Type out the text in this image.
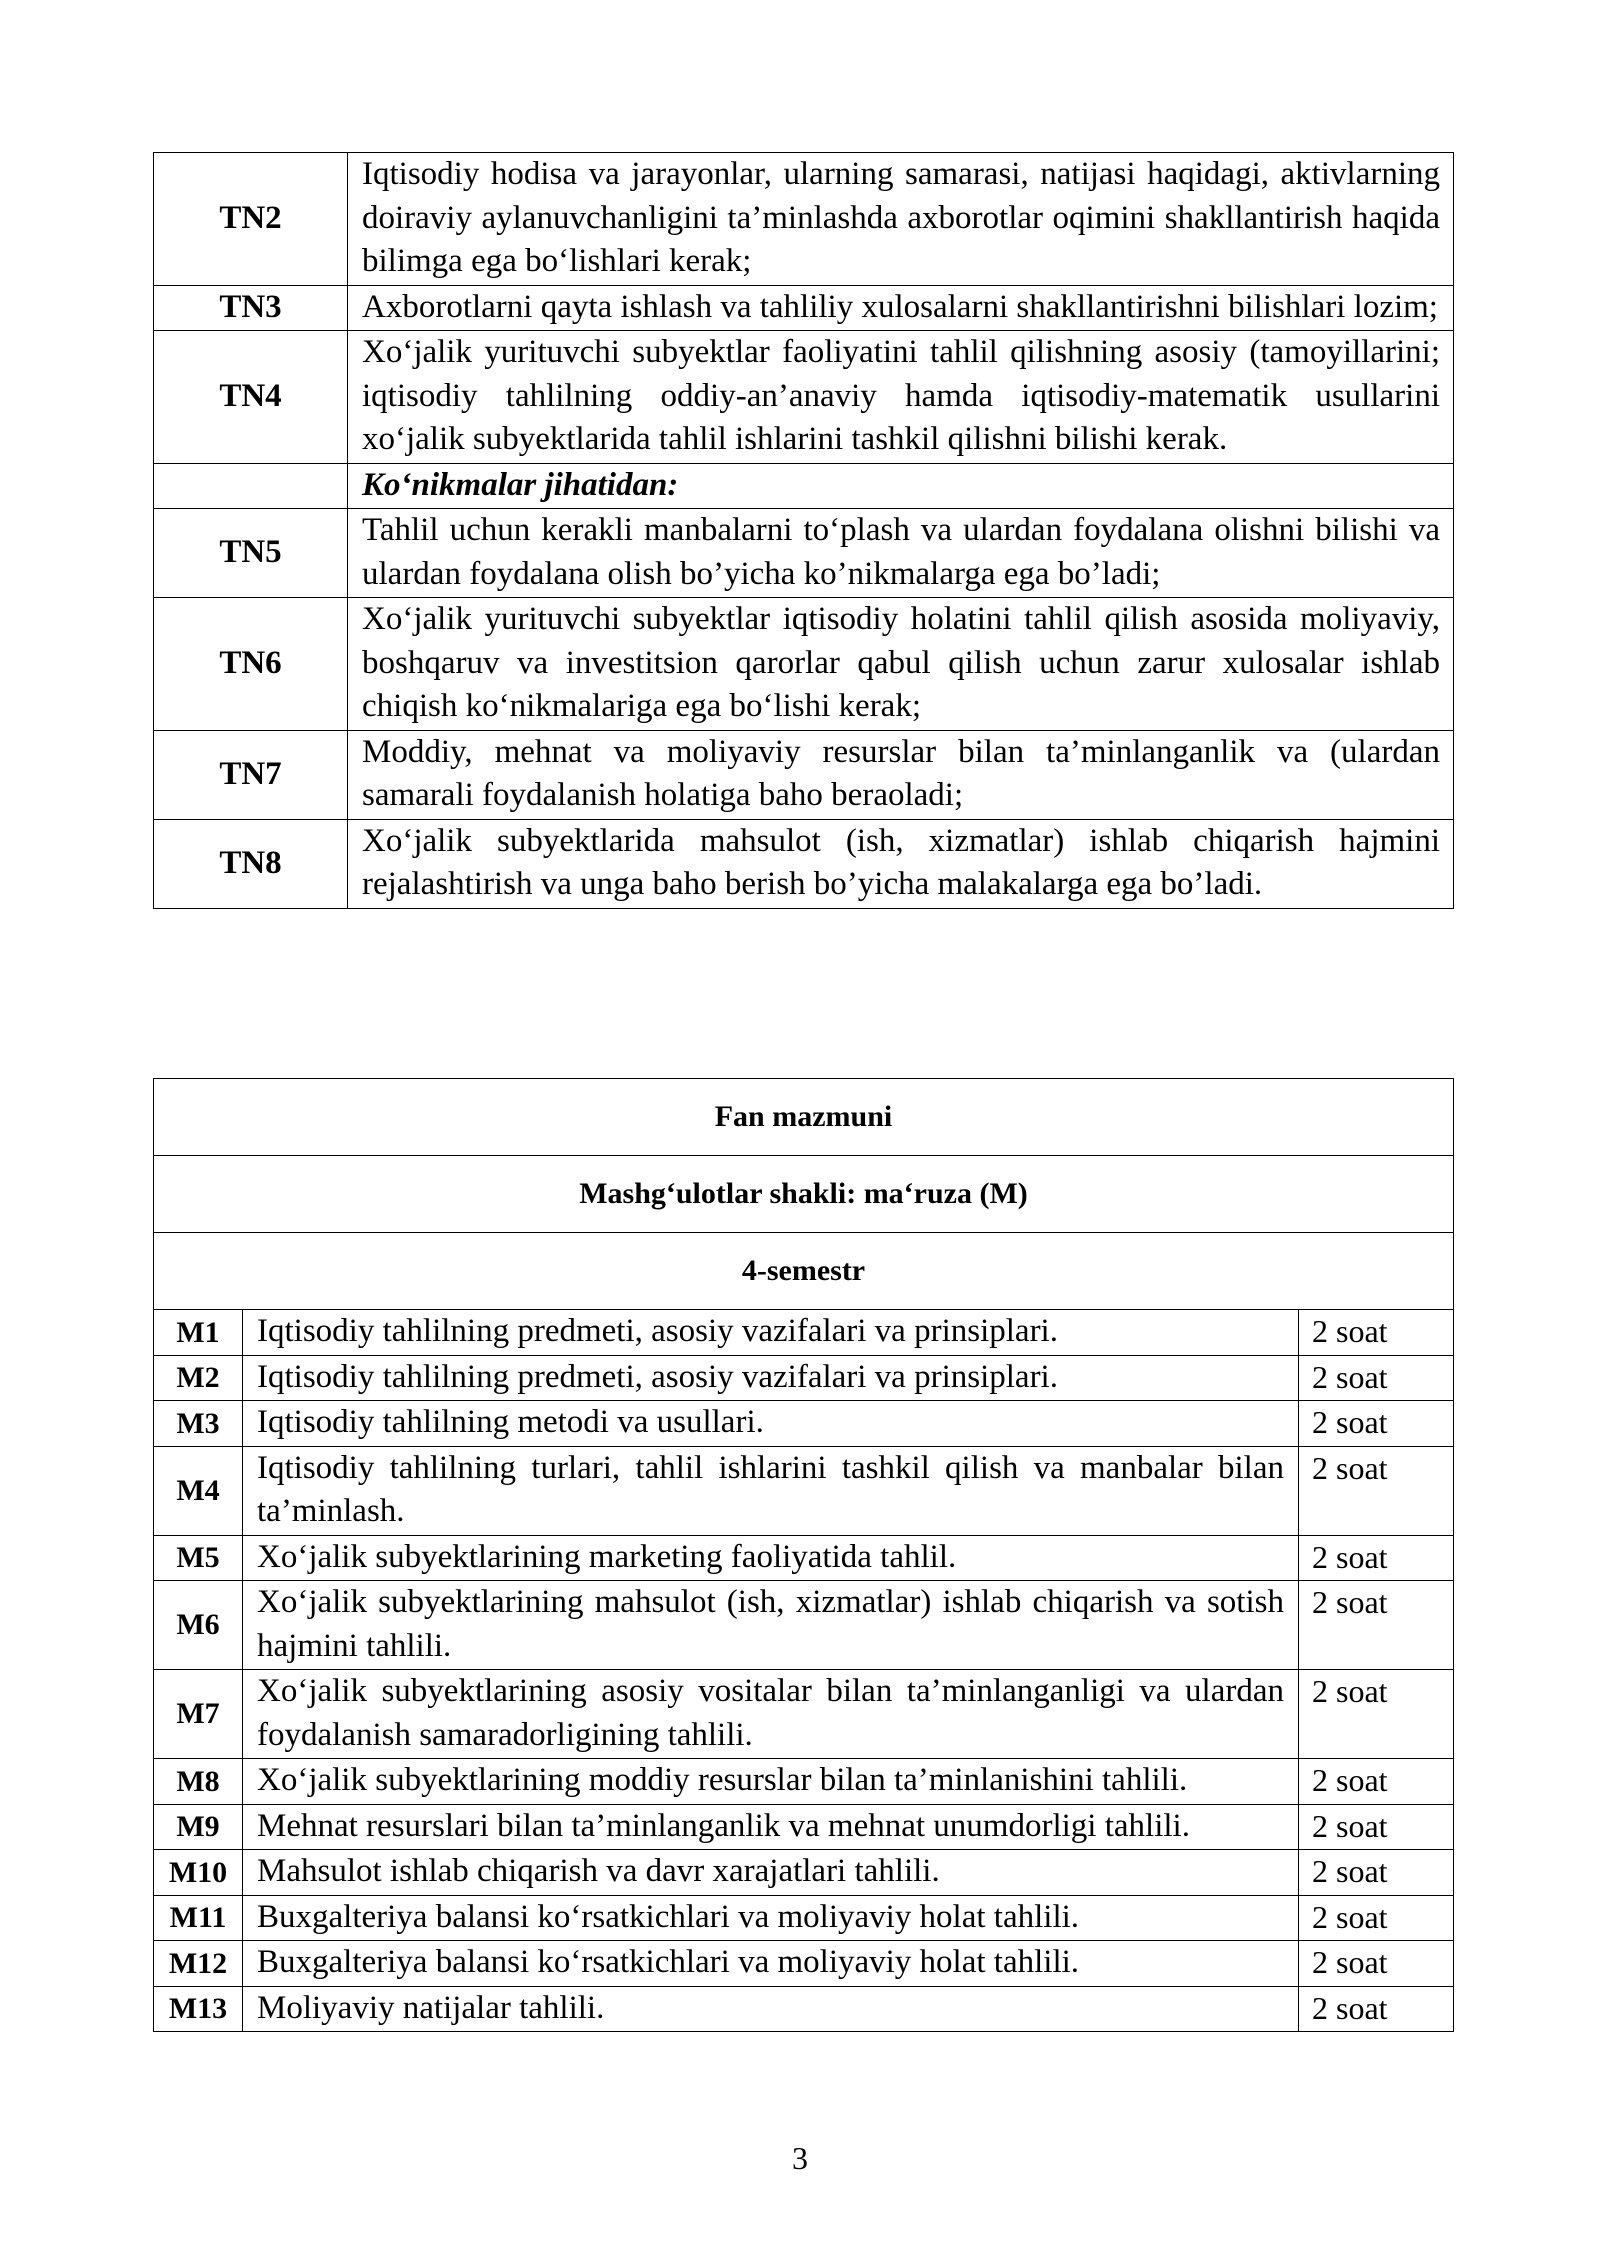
TN2	Iqtisodiy hodisa va jarayonlar, ularning samarasi, natijasi haqidagi, aktivlarning doiraviy aylanuvchanligini ta’minlashda axborotlar oqimini shakllantirish haqida bilimga ega bo‘lishlari kerak;
TN3	Axborotlarni qayta ishlash va tahliliy xulosalarni shakllantirishni bilishlari lozim;
TN4	Xo‘jalik yurituvchi subyektlar faoliyatini tahlil qilishning asosiy (tamoyillarini; iqtisodiy tahlilning oddiy-an’anaviy hamda iqtisodiy-matematik usullarini xo‘jalik subyektlarida tahlil ishlarini tashkil qilishni bilishi kerak.
	Ko‘nikmalar jihatidan:
TN5	Tahlil uchun kerakli manbalarni to‘plash va ulardan foydalana olishni bilishi va ulardan foydalana olish bo’yicha ko’nikmalarga ega bo’ladi;
TN6	Xo‘jalik yurituvchi subyektlar iqtisodiy holatini tahlil qilish asosida moliyaviy, boshqaruv va investitsion qarorlar qabul qilish uchun zarur xulosalar ishlab chiqish ko‘nikmalariga ega bo‘lishi kerak;
TN7	Moddiy, mehnat va moliyaviy resurslar bilan ta’minlanganlik va (ulardan samarali foydalanish holatiga baho beraoladi;
TN8	Xo‘jalik subyektlarida mahsulot (ish, xizmatlar) ishlab chiqarish hajmini rejalashtirish va unga baho berish bo’yicha malakalarga ega bo’ladi.
Fan mazmuni		
Mashg‘ulotlar shakli: ma‘ruza (M)		
4-semestr		
M1	Iqtisodiy tahlilning predmeti, asosiy vazifalari va prinsiplari.	2 soat
M2	Iqtisodiy tahlilning predmeti, asosiy vazifalari va prinsiplari.	2 soat
M3	Iqtisodiy tahlilning metodi va usullari.	2 soat
M4	Iqtisodiy tahlilning turlari, tahlil ishlarini tashkil qilish va manbalar bilan ta’minlash.	2 soat
M5	Xo‘jalik subyektlarining marketing faoliyatida tahlil.	2 soat
M6	Xo‘jalik subyektlarining mahsulot (ish, xizmatlar) ishlab chiqarish va sotish hajmini tahlili.	2 soat
M7	Xo‘jalik subyektlarining asosiy vositalar bilan ta’minlanganligi va ulardan foydalanish samaradorligining tahlili.	2 soat
M8	Xo‘jalik subyektlarining moddiy resurslar bilan ta’minlanishini tahlili.	2 soat
M9	Mehnat resurslari bilan ta’minlanganlik va mehnat unumdorligi tahlili.	2 soat
M10	Mahsulot ishlab chiqarish va davr xarajatlari tahlili.	2 soat
M11	Buxgalteriya balansi ko‘rsatkichlari va moliyaviy holat tahlili.	2 soat
M12	Buxgalteriya balansi ko‘rsatkichlari va moliyaviy holat tahlili.	2 soat
M13	Moliyaviy natijalar tahlili.	2 soat
3
